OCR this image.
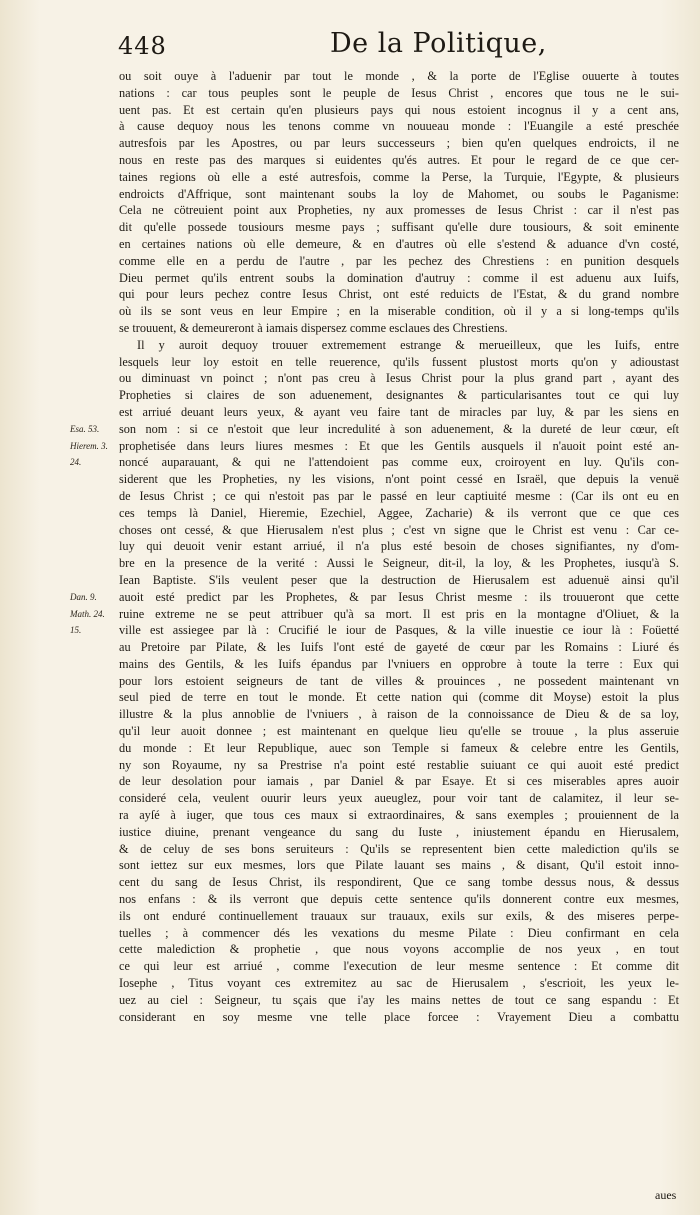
448	De la Politique,
ou soit ouye à l'aduenir par tout le monde , & la porte de l'Eglise ouuerte à toutes
nations : car tous peuples sont le peuple de Iesus Christ , encores que tous ne le sui-
uent pas. Et est certain qu'en plusieurs pays qui nous estoient incognus il y a cent ans,
à cause dequoy nous les tenons comme vn nouueau monde : l'Euangile a esté preschée
autresfois par les Apostres, ou par leurs successeurs ; bien qu'en quelques endroicts, il ne
nous en reste pas des marques si euidentes qu'és autres. Et pour le regard de ce que cer-
taines regions où elle a esté autresfois, comme la Perse, la Turquie, l'Egypte, & plusieurs
endroicts d'Affrique, sont maintenant soubs la loy de Mahomet, ou soubs le Paganisme:
Cela ne cötreuient point aux Propheties, ny aux promesses de Iesus Christ : car il n'est pas
dit qu'elle possede tousiours mesme pays ; suffisant qu'elle dure tousiours, & soit eminente
en certaines nations où elle demeure, & en d'autres où elle s'estend & aduance d'vn costé,
comme elle en a perdu de l'autre , par les pechez des Chrestiens : en punition desquels
Dieu permet qu'ils entrent soubs la domination d'autruy : comme il est aduenu aux Iuifs,
qui pour leurs pechez contre Iesus Christ, ont esté reduicts de l'Estat, & du grand nombre
où ils se sont veus en leur Empire ; en la miserable condition, où il y a si long-temps qu'ils
se trouuent, & demeureront à iamais dispersez comme esclaues des Chrestiens.
Il y auroit dequoy trouuer extremement estrange & merueilleux, que les Iuifs, entre
lesquels leur loy estoit en telle reuerence, qu'ils fussent plustost morts qu'on y adioustast
ou diminuast vn poinct ; n'ont pas creu à Iesus Christ pour la plus grand part , ayant des
Propheties si claires de son aduenement, designantes & particularisantes tout ce qui luy
est arriué deuant leurs yeux, & ayant veu faire tant de miracles par luy, & par les siens en
son nom : si ce n'estoit que leur incredulité à son aduenement, & la dureté de leur cœur, eſt
prophetisée dans leurs liures mesmes : Et que les Gentils ausquels il n'auoit point esté an-
noncé auparauant, & qui ne l'attendoient pas comme eux, croiroyent en luy. Qu'ils con-
siderent que les Propheties, ny les visions, n'ont point cessé en Israël, que depuis la venuë
de Iesus Christ ; ce qui n'estoit pas par le passé en leur captiuité mesme : (Car ils ont eu en
ces temps là Daniel, Hieremie, Ezechiel, Aggee, Zacharie) & ils verront que ce que ces
choses ont cessé, & que Hierusalem n'est plus ; c'est vn signe que le Christ est venu : Car ce-
luy qui deuoit venir estant arriué, il n'a plus esté besoin de choses signifiantes, ny d'om-
bre en la presence de la verité : Aussi le Seigneur, dit-il, la loy, & les Prophetes, iusqu'à S.
Iean Baptiste. S'ils veulent peser que la destruction de Hierusalem est aduenuë ainsi qu'il
auoit esté predict par les Prophetes, & par Iesus Christ mesme : ils trouueront que cette
ruine extreme ne se peut attribuer qu'à sa mort. Il est pris en la montagne d'Oliuet, & la
ville est assiegee par là : Crucifié le iour de Pasques, & la ville inuestie ce iour là : Foüetté
au Pretoire par Pilate, & les Iuifs l'ont esté de gayeté de cœur par les Romains : Liuré és
mains des Gentils, & les Iuifs épandus par l'vniuers en opprobre à toute la terre : Eux qui
pour lors estoient seigneurs de tant de villes & prouinces , ne possedent maintenant vn
seul pied de terre en tout le monde. Et cette nation qui (comme dit Moyse) estoit la plus
illustre & la plus annoblie de l'vniuers , à raison de la connoissance de Dieu & de sa loy,
qu'il leur auoit donnee ; est maintenant en quelque lieu qu'elle se trouue , la plus asseruie
du monde : Et leur Republique, auec son Temple si fameux & celebre entre les Gentils,
ny son Royaume, ny sa Prestrise n'a point esté restablie suiuant ce qui auoit esté predict
de leur desolation pour iamais , par Daniel & par Esaye. Et si ces miserables apres auoir
consideré cela, veulent ouurir leurs yeux aueuglez, pour voir tant de calamitez, il leur se-
ra ayſé à iuger, que tous ces maux si extraordinaires, & sans exemples ; prouiennent de la
iustice diuine, prenant vengeance du sang du Iuste , iniustement épandu en Hierusalem,
& de celuy de ses bons seruiteurs : Qu'ils se representent bien cette malediction qu'ils se
sont iettez sur eux mesmes, lors que Pilate lauant ses mains , & disant, Qu'il estoit inno-
cent du sang de Iesus Christ, ils respondirent, Que ce sang tombe dessus nous, & dessus
nos enfans : & ils verront que depuis cette sentence qu'ils donnerent contre eux mesmes,
ils ont enduré continuellement trauaux sur trauaux, exils sur exils, & des miseres perpe-
tuelles ; à commencer dés les vexations du mesme Pilate : Dieu confirmant en cela
cette malediction & prophetie , que nous voyons accomplie de nos yeux , en tout
ce qui leur est arriué , comme l'execution de leur mesme sentence : Et comme dit
Iosephe , Titus voyant ces extremitez au sac de Hierusalem , s'escrioit, les yeux le-
uez au ciel : Seigneur, tu sçais que i'ay les mains nettes de tout ce sang espandu : Et
considerant en soy mesme vne telle place forcee : Vrayement Dieu a combattu
Esa. 53.
Hierem. 3.
24.
Dan. 9.
Math. 24.
15.
aues
